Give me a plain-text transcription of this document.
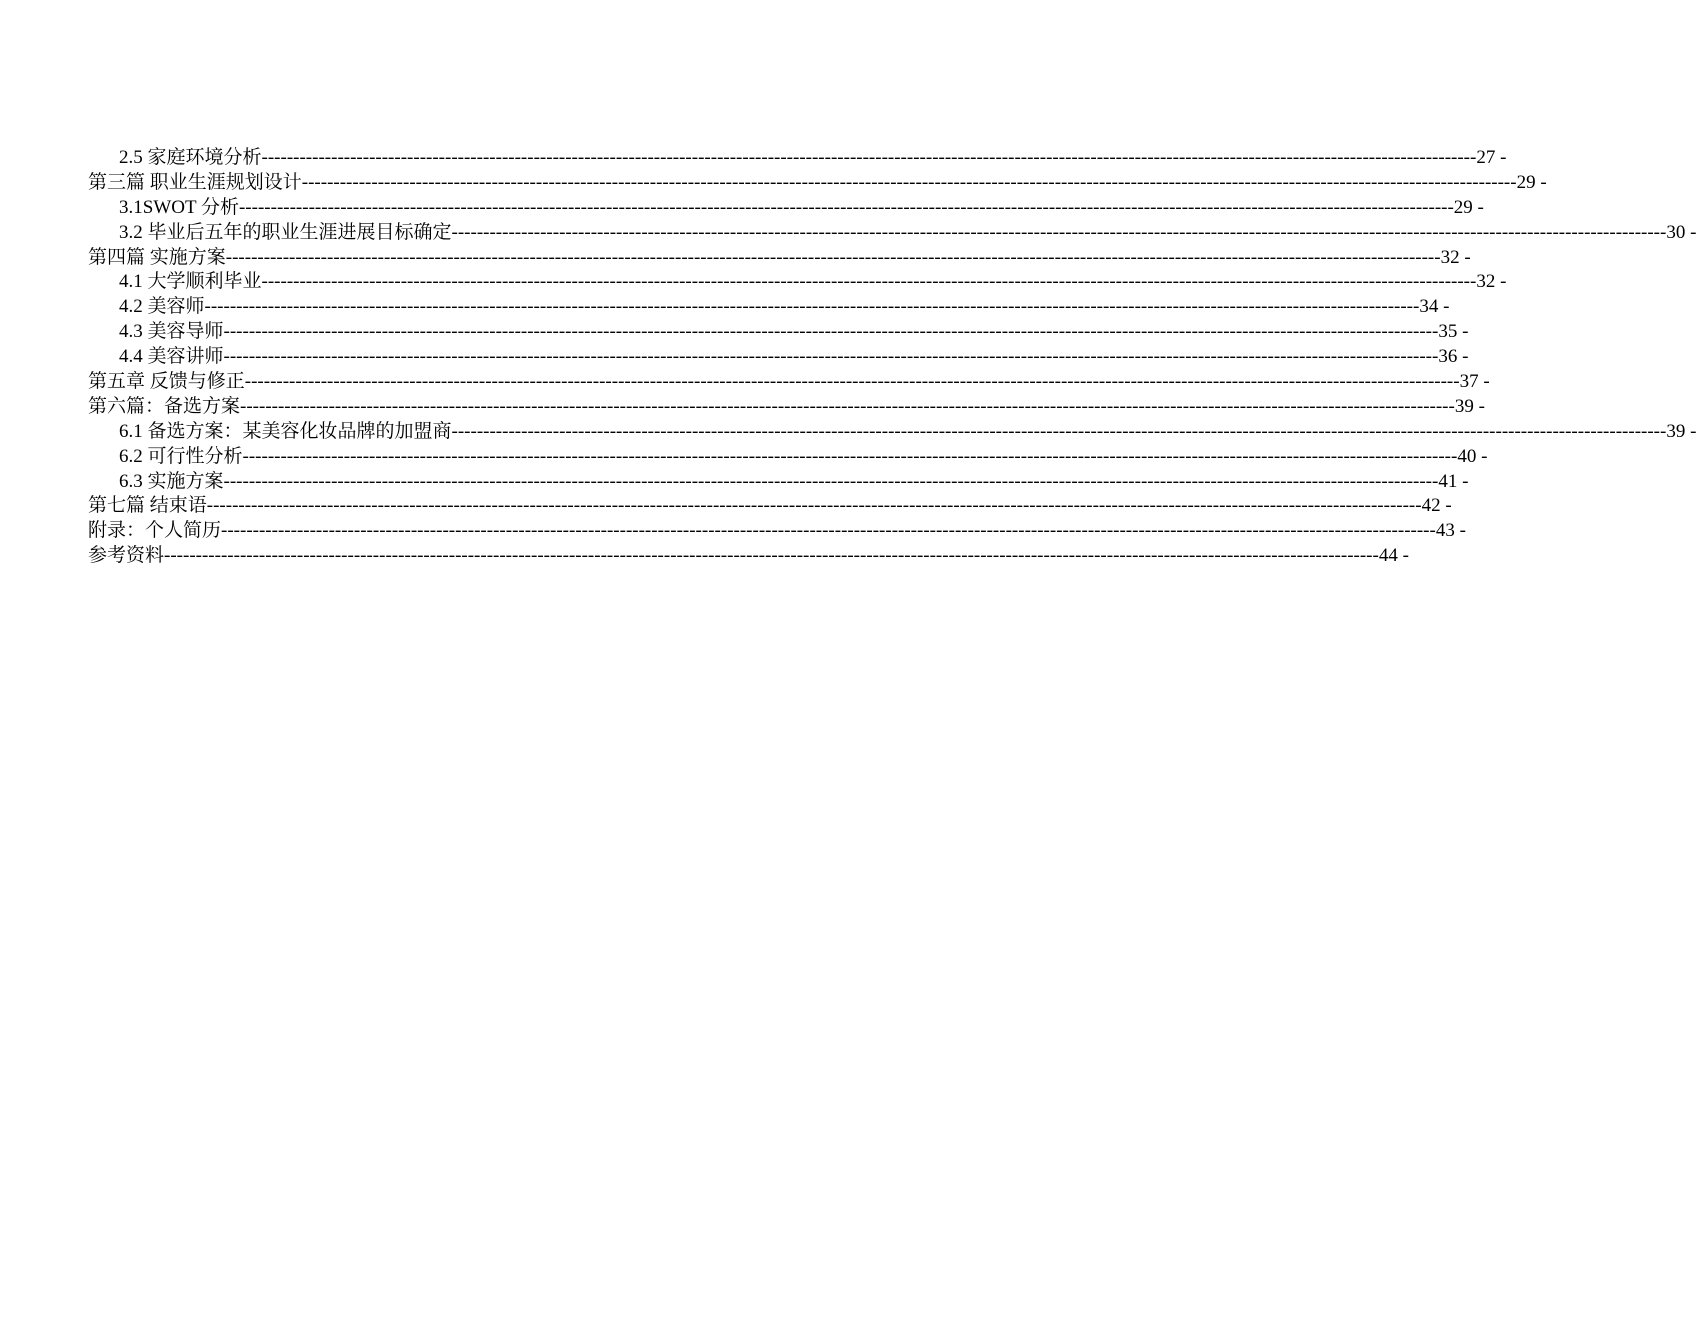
2.5 家庭环境分析 ------------------------------------------------------------------------------------------------------------------------------------------------------------------------------------------------ 27 -
第三篇 职业生涯规划设计 ------------------------------------------------------------------------------------------------------------------------------------------------------------------------------------------------ 29 -
3.1SWOT 分析 ------------------------------------------------------------------------------------------------------------------------------------------------------------------------------------------------ 29 -
3.2 毕业后五年的职业生涯进展目标确定 ------------------------------------------------------------------------------------------------------------------------------------------------------------------------------------------------ 30 -
第四篇 实施方案 ------------------------------------------------------------------------------------------------------------------------------------------------------------------------------------------------ 32 -
4.1 大学顺利毕业 ------------------------------------------------------------------------------------------------------------------------------------------------------------------------------------------------ 32 -
4.2 美容师 ------------------------------------------------------------------------------------------------------------------------------------------------------------------------------------------------ 34 -
4.3 美容导师 ------------------------------------------------------------------------------------------------------------------------------------------------------------------------------------------------ 35 -
4.4 美容讲师 ------------------------------------------------------------------------------------------------------------------------------------------------------------------------------------------------ 36 -
第五章 反馈与修正 ------------------------------------------------------------------------------------------------------------------------------------------------------------------------------------------------ 37 -
第六篇：备选方案 ------------------------------------------------------------------------------------------------------------------------------------------------------------------------------------------------ 39 -
6.1 备选方案：某美容化妆品牌的加盟商 ------------------------------------------------------------------------------------------------------------------------------------------------------------------------------------------------ 39 -
6.2 可行性分析 ------------------------------------------------------------------------------------------------------------------------------------------------------------------------------------------------ 40 -
6.3 实施方案 ------------------------------------------------------------------------------------------------------------------------------------------------------------------------------------------------ 41 -
第七篇 结束语 ------------------------------------------------------------------------------------------------------------------------------------------------------------------------------------------------ 42 -
附录：个人简历 ------------------------------------------------------------------------------------------------------------------------------------------------------------------------------------------------ 43 -
参考资料 ------------------------------------------------------------------------------------------------------------------------------------------------------------------------------------------------ 44 -
